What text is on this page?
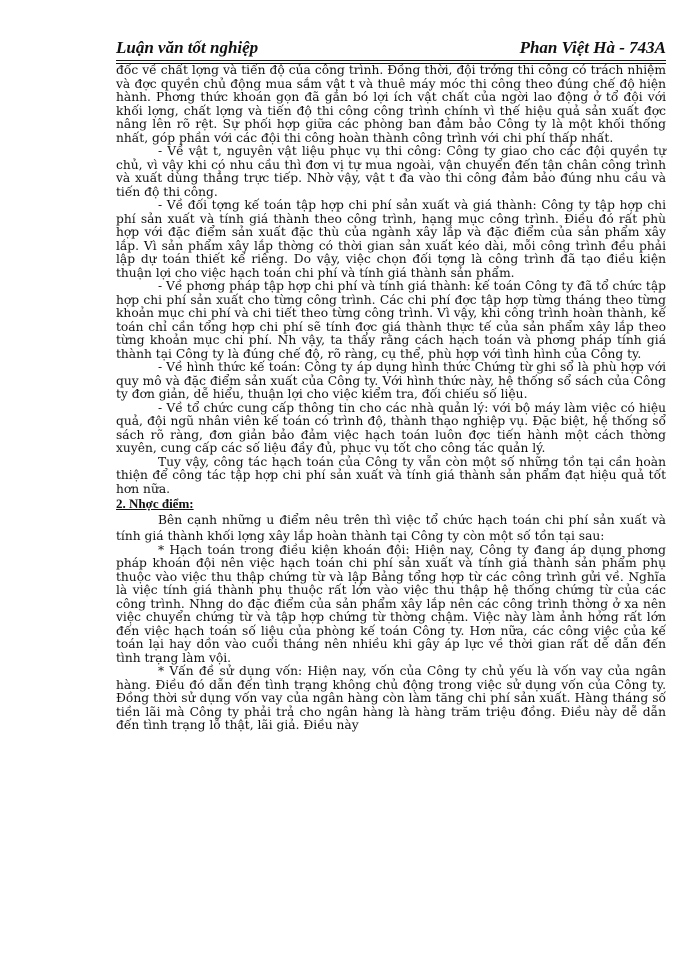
Luận văn tốt nghiệp	Phan Việt Hà - 743A

đốc về chất lợng và tiến độ của công trình. Đồng thời, đội trởng thi công có trách nhiệm và đợc quyền chủ động mua sắm vật t và thuê máy móc thi công theo đúng chế độ hiện hành. Phơng thức khoán gọn đã gắn bó lợi ích vật chất của ngời lao động ở tổ đội với khối lợng, chất lợng và tiến độ thi công công trình chính vì thế hiệu quả sản xuất đợc nâng lên rõ rệt. Sự phối hợp giữa các phòng ban đảm bảo Công ty là một khối thống nhất, góp phần với các đội thi công hoàn thành công trình với chi phí thấp nhất.

- Về vật t, nguyên vật liệu phục vụ thi công: Công ty giao cho các đội quyền tự chủ, vì vậy khi có nhu cầu thì đơn vị tự mua ngoài, vận chuyển đến tận chân công trình và xuất dùng thẳng trực tiếp. Nhờ vậy, vật t đa vào thi công đảm bảo đúng nhu cầu và tiến độ thi công.

- Về đối tợng kế toán tập hợp chi phí sản xuất và giá thành: Công ty tập hợp chi phí sản xuất và tính giá thành theo công trình, hạng mục công trình. Điều đó rất phù hợp với đặc điểm sản xuất đặc thù của ngành xây lắp và đặc điểm của sản phẩm xây lắp. Vì sản phẩm xây lắp thờng có thời gian sản xuất kéo dài, mỗi công trình đều phải lập dự toán thiết kế riêng. Do vậy, việc chọn đối tợng là công trình đã tạo điều kiện thuận lợi cho việc hạch toán chi phí và tính giá thành sản phẩm.

- Về phơng pháp tập hợp chi phí và tính giá thành: kế toán Công ty đã tổ chức tập hợp chi phí sản xuất cho từng công trình. Các chi phí đợc tập hợp từng tháng theo từng khoản mục chi phí và chi tiết theo từng công trình. Vì vậy, khi công trình hoàn thành, kế toán chỉ cần tổng hợp chi phí sẽ tính đợc giá thành thực tế của sản phẩm xây lắp theo từng khoản mục chi phí. Nh vậy, ta thấy rằng cách hạch toán và phơng pháp tính giá thành tại Công ty là đúng chế độ, rõ ràng, cụ thể, phù hợp với tình hình của Công ty.

- Về hình thức kế toán: Công ty áp dụng hình thức Chứng từ ghi sổ là phù hợp với quy mô và đặc điểm sản xuất của Công ty. Với hình thức này, hệ thống sổ sách của Công ty đơn giản, dễ hiểu, thuận lợi cho việc kiểm tra, đối chiếu số liệu.

- Về tổ chức cung cấp thông tin cho các nhà quản lý: với bộ máy làm việc có hiệu quả, đội ngũ nhân viên kế toán có trình độ, thành thạo nghiệp vụ. Đặc biệt, hệ thống sổ sách rõ ràng, đơn giản bảo đảm việc hạch toán luôn đợc tiến hành một cách thờng xuyên, cung cấp các số liệu đầy đủ, phục vụ tốt cho công tác quản lý.

Tuy vậy, công tác hạch toán của Công ty vẫn còn một số những tồn tại cần hoàn thiện để công tác tập hợp chi phí sản xuất và tính giá thành sản phẩm đạt hiệu quả tốt hơn nữa.

2. Nhợc điểm:

Bên cạnh những u điểm nêu trên thì việc tổ chức hạch toán chi phí sản xuất và tính giá thành khối lợng xây lắp hoàn thành tại Công ty còn một số tồn tại sau:

* Hạch toán trong điều kiện khoán đội: Hiện nay, Công ty đang áp dụng phơng pháp khoán đội nên việc hạch toán chi phí sản xuất và tính giá thành sản phẩm phụ thuộc vào việc thu thập chứng từ và lập Bảng tổng hợp từ các công trình gửi về. Nghĩa là việc tính giá thành phụ thuộc rất lớn vào việc thu thập hệ thống chứng từ của các công trình. Nhng do đặc điểm của sản phẩm xây lắp nên các công trình thờng ở xa nên việc chuyển chứng từ và tập hợp chứng từ thờng chậm. Việc này làm ảnh hởng rất lớn đến việc hạch toán số liệu của phòng kế toán Công ty. Hơn nữa, các công việc của kế toán lại hay dồn vào cuối tháng nên nhiều khi gây áp lực về thời gian rất dễ dẫn đến tình trạng làm vội.

* Vấn đề sử dụng vốn: Hiện nay, vốn của Công ty chủ yếu là vốn vay của ngân hàng. Điều đó dẫn đến tình trạng không chủ động trong việc sử dụng vốn của Công ty. Đồng thời sử dụng vốn vay của ngân hàng còn làm tăng chi phí sản xuất. Hàng tháng số tiền lãi mà Công ty phải trả cho ngân hàng là hàng trăm triệu đồng. Điều này dễ dẫn đến tình trạng lỗ thật, lãi giả. Điều này
